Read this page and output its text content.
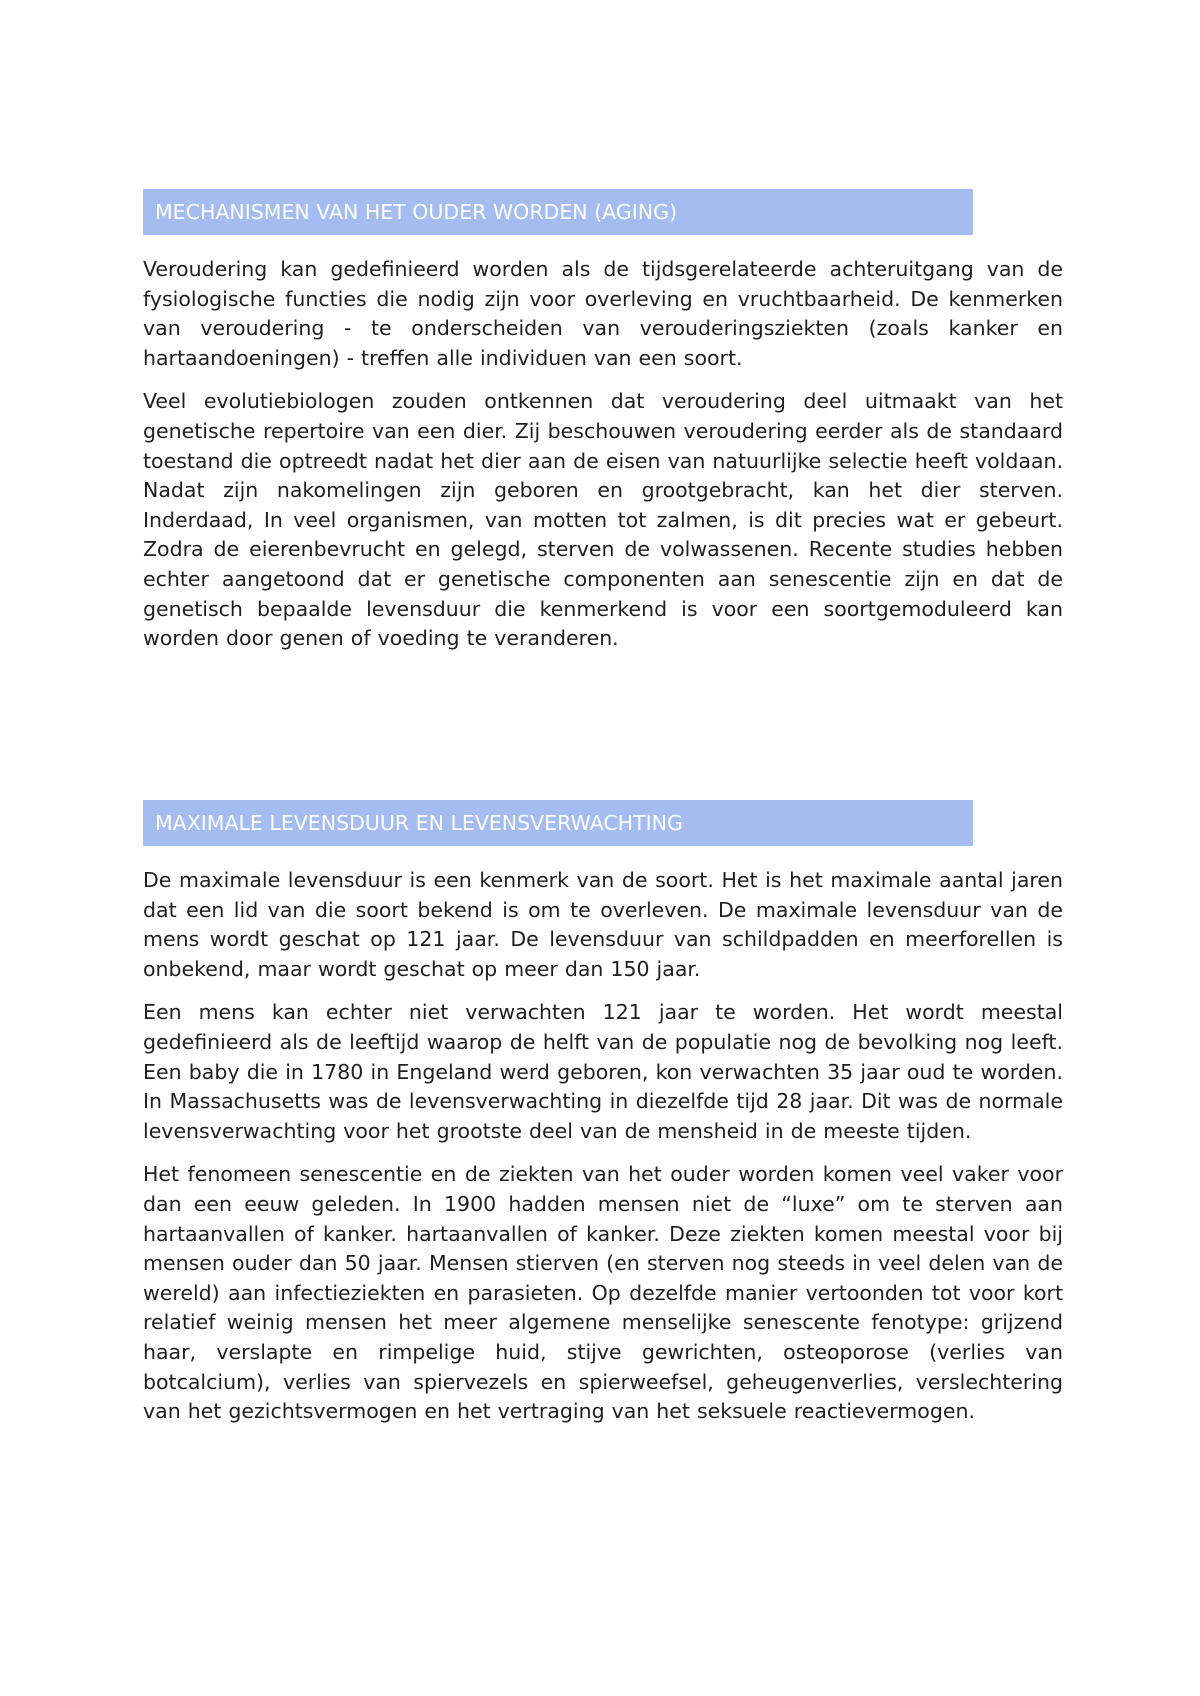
MECHANISMEN VAN HET OUDER WORDEN (AGING)

Veroudering kan gedefinieerd worden als de tijdsgerelateerde achteruitgang van de fysiologische functies die nodig zijn voor overleving en vruchtbaarheid. De kenmerken van veroudering - te onderscheiden van verouderingsziekten (zoals kanker en hartaandoeningen) - treffen alle individuen van een soort.

Veel evolutiebiologen zouden ontkennen dat veroudering deel uitmaakt van het genetische repertoire van een dier. Zij beschouwen veroudering eerder als de standaard toestand die optreedt nadat het dier aan de eisen van natuurlijke selectie heeft voldaan. Nadat zijn nakomelingen zijn geboren en grootgebracht, kan het dier sterven. Inderdaad, In veel organismen, van motten tot zalmen, is dit precies wat er gebeurt. Zodra de eierenbevrucht en gelegd, sterven de volwassenen. Recente studies hebben echter aangetoond dat er genetische componenten aan senescentie zijn en dat de genetisch bepaalde levensduur die kenmerkend is voor een soortgemoduleerd kan worden door genen of voeding te veranderen.

MAXIMALE LEVENSDUUR EN LEVENSVERWACHTING

De maximale levensduur is een kenmerk van de soort. Het is het maximale aantal jaren dat een lid van die soort bekend is om te overleven. De maximale levensduur van de mens wordt geschat op 121 jaar. De levensduur van schildpadden en meerforellen is onbekend, maar wordt geschat op meer dan 150 jaar.

Een mens kan echter niet verwachten 121 jaar te worden. Het wordt meestal gedefinieerd als de leeftijd waarop de helft van de populatie nog de bevolking nog leeft. Een baby die in 1780 in Engeland werd geboren, kon verwachten 35 jaar oud te worden. In Massachusetts was de levensverwachting in diezelfde tijd 28 jaar. Dit was de normale levensverwachting voor het grootste deel van de mensheid in de meeste tijden.

Het fenomeen senescentie en de ziekten van het ouder worden komen veel vaker voor dan een eeuw geleden. In 1900 hadden mensen niet de “luxe” om te sterven aan hartaanvallen of kanker. hartaanvallen of kanker. Deze ziekten komen meestal voor bij mensen ouder dan 50 jaar. Mensen stierven (en sterven nog steeds in veel delen van de wereld) aan infectieziekten en parasieten. Op dezelfde manier vertoonden tot voor kort relatief weinig mensen het meer algemene menselijke senescente fenotype: grijzend haar, verslapte en rimpelige huid, stijve gewrichten, osteoporose (verlies van botcalcium), verlies van spiervezels en spierweefsel, geheugenverlies, verslechtering van het gezichtsvermogen en het vertraging van het seksuele reactievermogen.
